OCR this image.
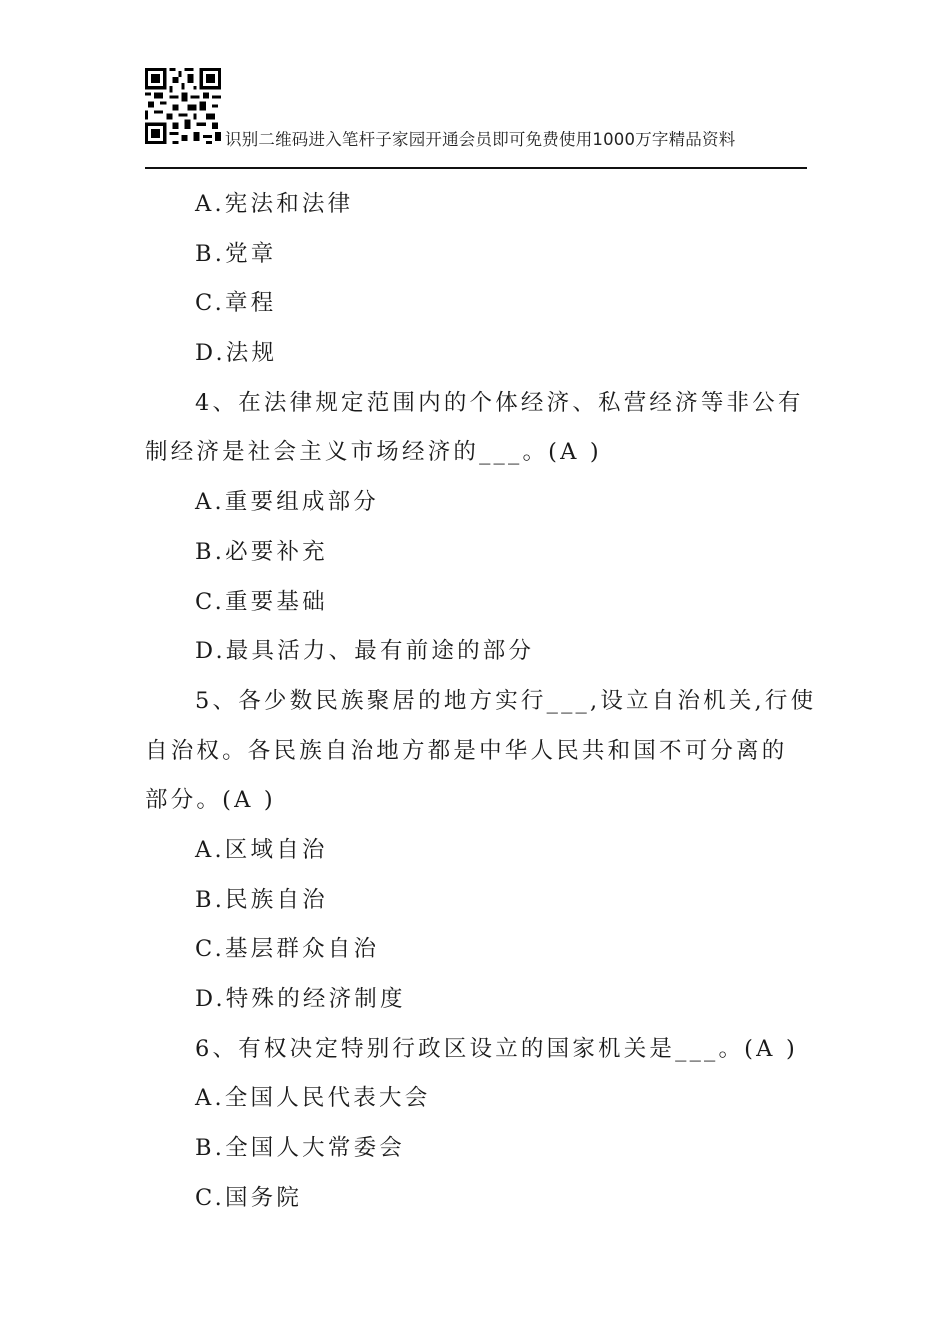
识别二维码进入笔杆子家园开通会员即可免费使用1000万字精品资料
A.宪法和法律
B.党章
C.章程
D.法规
4、在法律规定范围内的个体经济、私营经济等非公有
制经济是社会主义市场经济的___。(A )
A.重要组成部分
B.必要补充
C.重要基础
D.最具活力、最有前途的部分
5、各少数民族聚居的地方实行___,设立自治机关,行使
自治权。各民族自治地方都是中华人民共和国不可分离的
部分。(A )
A.区域自治
B.民族自治
C.基层群众自治
D.特殊的经济制度
6、有权决定特别行政区设立的国家机关是___。(A )
A.全国人民代表大会
B.全国人大常委会
C.国务院
